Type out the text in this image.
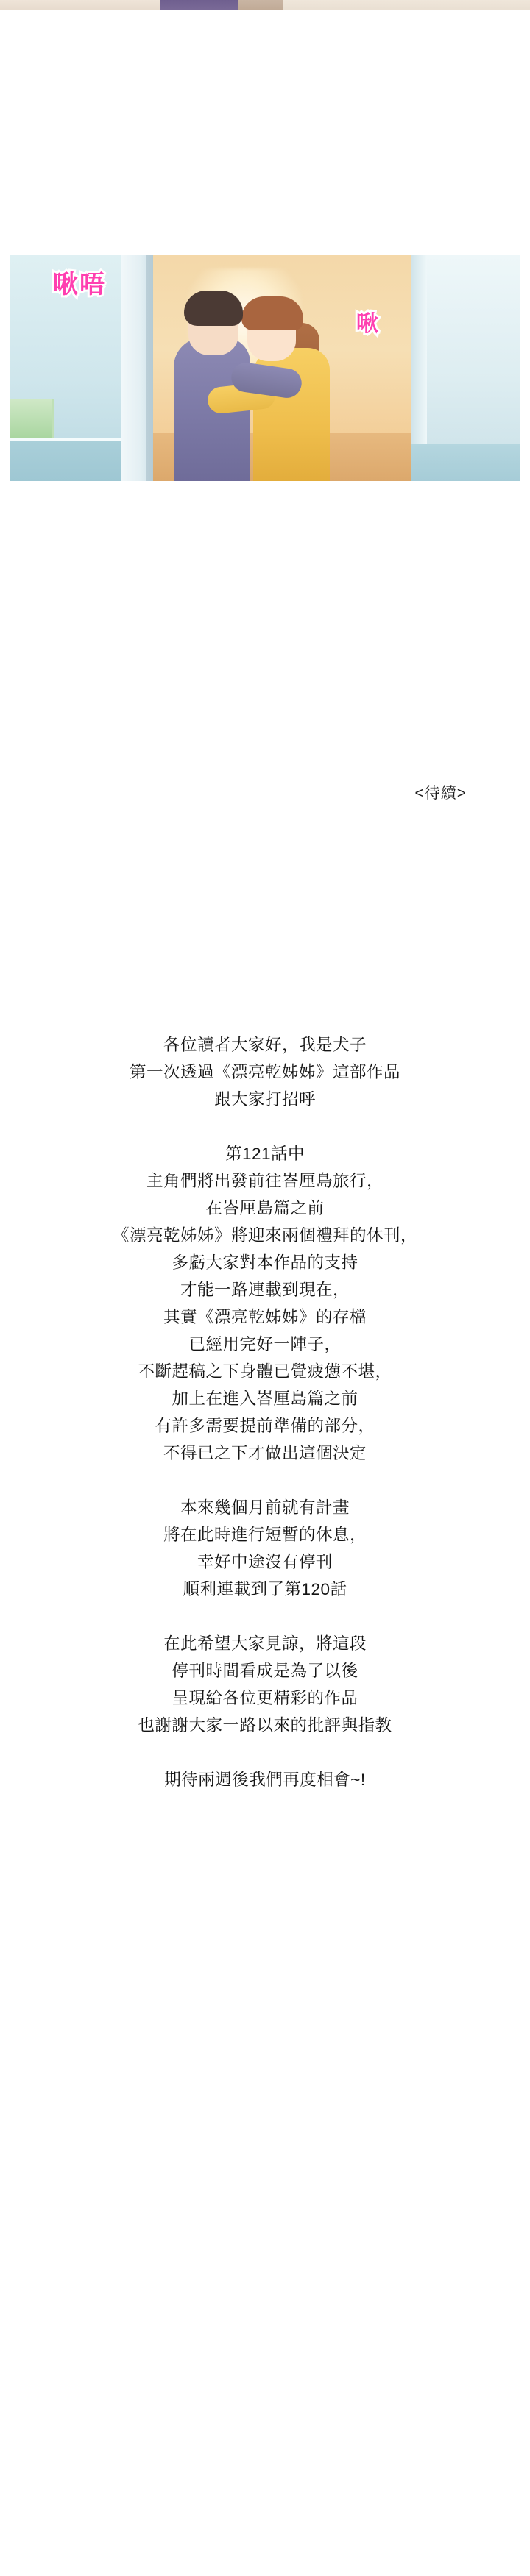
啾唔
啾
<待續>

各位讀者大家好，我是犬子

第一次透過《漂亮乾姊姊》這部作品

跟大家打招呼

第121話中

主角們將出發前往峇厘島旅行，

在峇厘島篇之前

《漂亮乾姊姊》將迎來兩個禮拜的休刊，

多虧大家對本作品的支持

才能一路連載到現在，

其實《漂亮乾姊姊》的存檔

已經用完好一陣子，

不斷趕稿之下身體已覺疲憊不堪，

加上在進入峇厘島篇之前

有許多需要提前準備的部分，

不得已之下才做出這個決定

本來幾個月前就有計畫

將在此時進行短暫的休息，

幸好中途沒有停刊

順利連載到了第120話

在此希望大家見諒，將這段

停刊時間看成是為了以後

呈現給各位更精彩的作品

也謝謝大家一路以來的批評與指教

期待兩週後我們再度相會~!
